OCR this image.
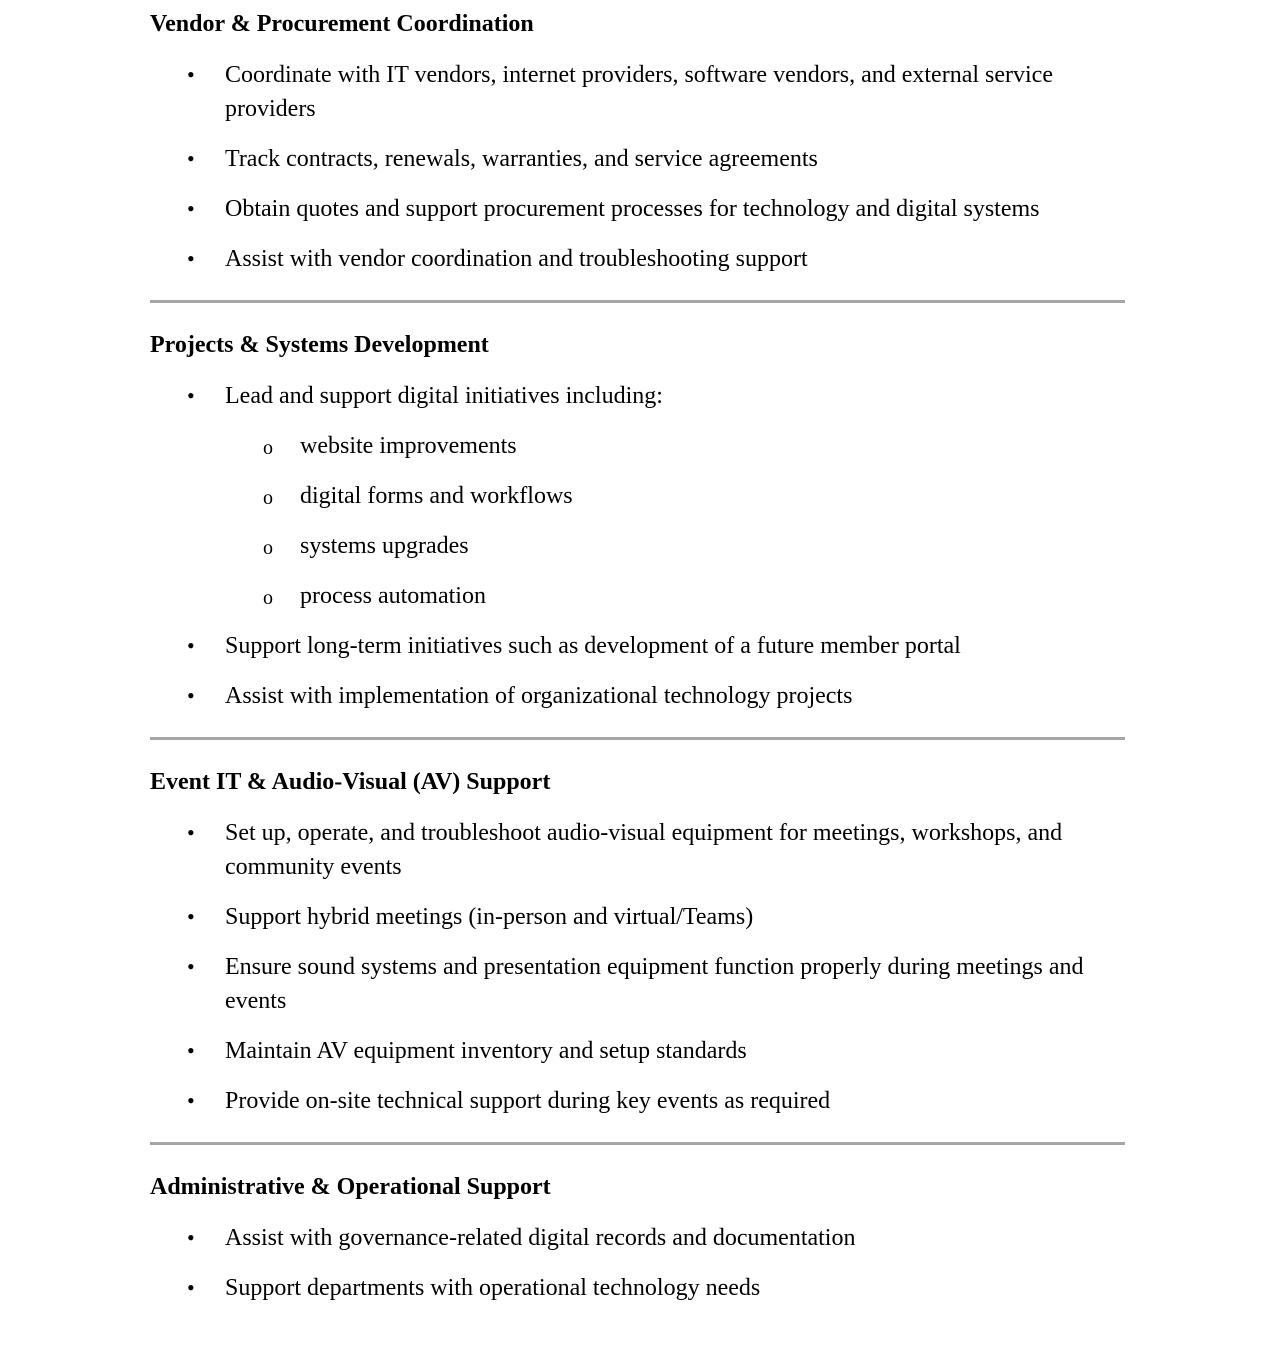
Vendor & Procurement Coordination
• Coordinate with IT vendors, internet providers, software vendors, and external service providers
• Track contracts, renewals, warranties, and service agreements
• Obtain quotes and support procurement processes for technology and digital systems
• Assist with vendor coordination and troubleshooting support
Projects & Systems Development
• Lead and support digital initiatives including:
o website improvements
o digital forms and workflows
o systems upgrades
o process automation
• Support long-term initiatives such as development of a future member portal
• Assist with implementation of organizational technology projects
Event IT & Audio-Visual (AV) Support
• Set up, operate, and troubleshoot audio-visual equipment for meetings, workshops, and community events
• Support hybrid meetings (in-person and virtual/Teams)
• Ensure sound systems and presentation equipment function properly during meetings and events
• Maintain AV equipment inventory and setup standards
• Provide on-site technical support during key events as required
Administrative & Operational Support
• Assist with governance-related digital records and documentation
• Support departments with operational technology needs
